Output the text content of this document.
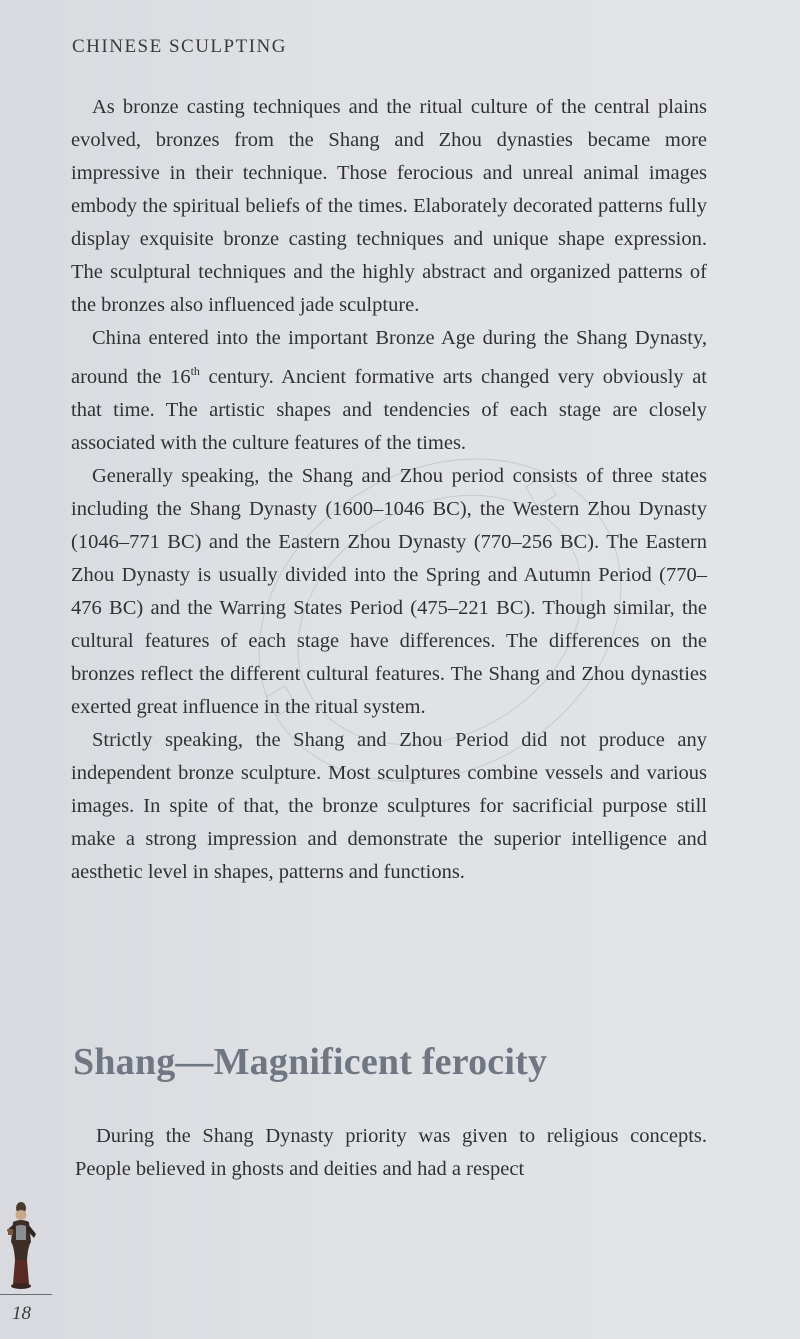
CHINESE SCULPTING

As bronze casting techniques and the ritual culture of the central plains evolved, bronzes from the Shang and Zhou dynasties became more impressive in their technique. Those ferocious and unreal animal images embody the spiritual beliefs of the times. Elaborately decorated patterns fully display exquisite bronze casting techniques and unique shape expression. The sculptural techniques and the highly abstract and organized patterns of the bronzes also influenced jade sculpture.

China entered into the important Bronze Age during the Shang Dynasty, around the 16th century. Ancient formative arts changed very obviously at that time. The artistic shapes and tendencies of each stage are closely associated with the culture features of the times.

Generally speaking, the Shang and Zhou period consists of three states including the Shang Dynasty (1600–1046 BC), the Western Zhou Dynasty (1046–771 BC) and the Eastern Zhou Dynasty (770–256 BC). The Eastern Zhou Dynasty is usually divided into the Spring and Autumn Period (770–476 BC) and the Warring States Period (475–221 BC). Though similar, the cultural features of each stage have differences. The differences on the bronzes reflect the different cultural features. The Shang and Zhou dynasties exerted great influence in the ritual system.

Strictly speaking, the Shang and Zhou Period did not produce any independent bronze sculpture. Most sculptures combine vessels and various images. In spite of that, the bronze sculptures for sacrificial purpose still make a strong impression and demonstrate the superior intelligence and aesthetic level in shapes, patterns and functions.

Shang—Magnificent ferocity

During the Shang Dynasty priority was given to religious concepts. People believed in ghosts and deities and had a respect

18
